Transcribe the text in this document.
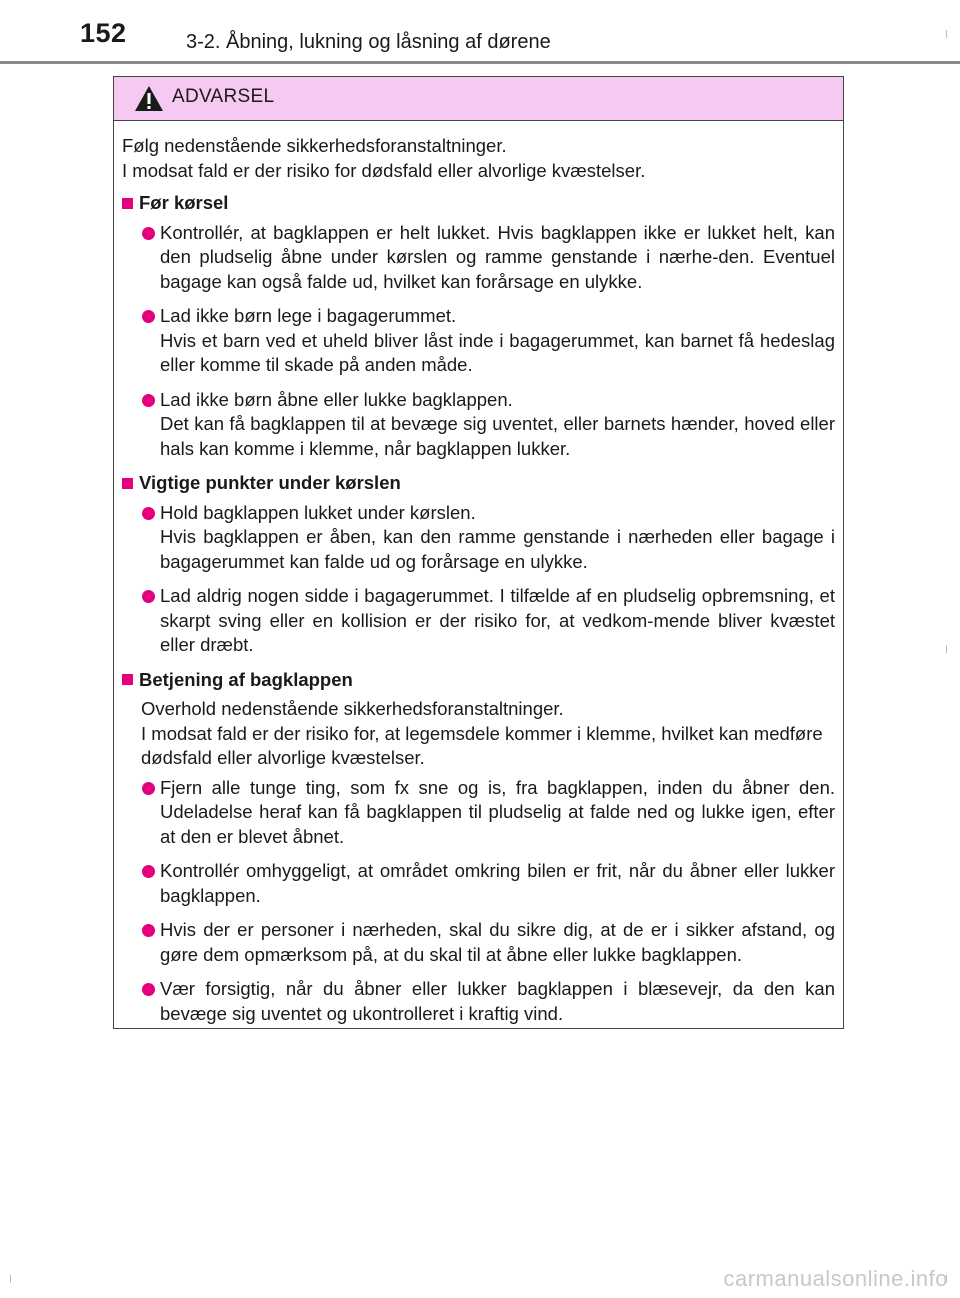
152	3-2. Åbning, lukning og låsning af dørene
ADVARSEL

Følg nedenstående sikkerhedsforanstaltninger.
I modsat fald er der risiko for dødsfald eller alvorlige kvæstelser.

Før kørsel
Kontrollér, at bagklappen er helt lukket. Hvis bagklappen ikke er lukket helt, kan den pludselig åbne under kørslen og ramme genstande i nærhe-den. Eventuel bagage kan også falde ud, hvilket kan forårsage en ulykke.
Lad ikke børn lege i bagagerummet.
Hvis et barn ved et uheld bliver låst inde i bagagerummet, kan barnet få hedeslag eller komme til skade på anden måde.
Lad ikke børn åbne eller lukke bagklappen.
Det kan få bagklappen til at bevæge sig uventet, eller barnets hænder, hoved eller hals kan komme i klemme, når bagklappen lukker.
Vigtige punkter under kørslen
Hold bagklappen lukket under kørslen.
Hvis bagklappen er åben, kan den ramme genstande i nærheden eller bagage i bagagerummet kan falde ud og forårsage en ulykke.
Lad aldrig nogen sidde i bagagerummet. I tilfælde af en pludselig opbremsning, et skarpt sving eller en kollision er der risiko for, at vedkom-mende bliver kvæstet eller dræbt.
Betjening af bagklappen

Overhold nedenstående sikkerhedsforanstaltninger.
I modsat fald er der risiko for, at legemsdele kommer i klemme, hvilket kan medføre dødsfald eller alvorlige kvæstelser.

Fjern alle tunge ting, som fx sne og is, fra bagklappen, inden du åbner den. Udeladelse heraf kan få bagklappen til pludselig at falde ned og lukke igen, efter at den er blevet åbnet.
Kontrollér omhyggeligt, at området omkring bilen er frit, når du åbner eller lukker bagklappen.
Hvis der er personer i nærheden, skal du sikre dig, at de er i sikker afstand, og gøre dem opmærksom på, at du skal til at åbne eller lukke bagklappen.
Vær forsigtig, når du åbner eller lukker bagklappen i blæsevejr, da den kan bevæge sig uventet og ukontrolleret i kraftig vind.
carmanualsonline.info
